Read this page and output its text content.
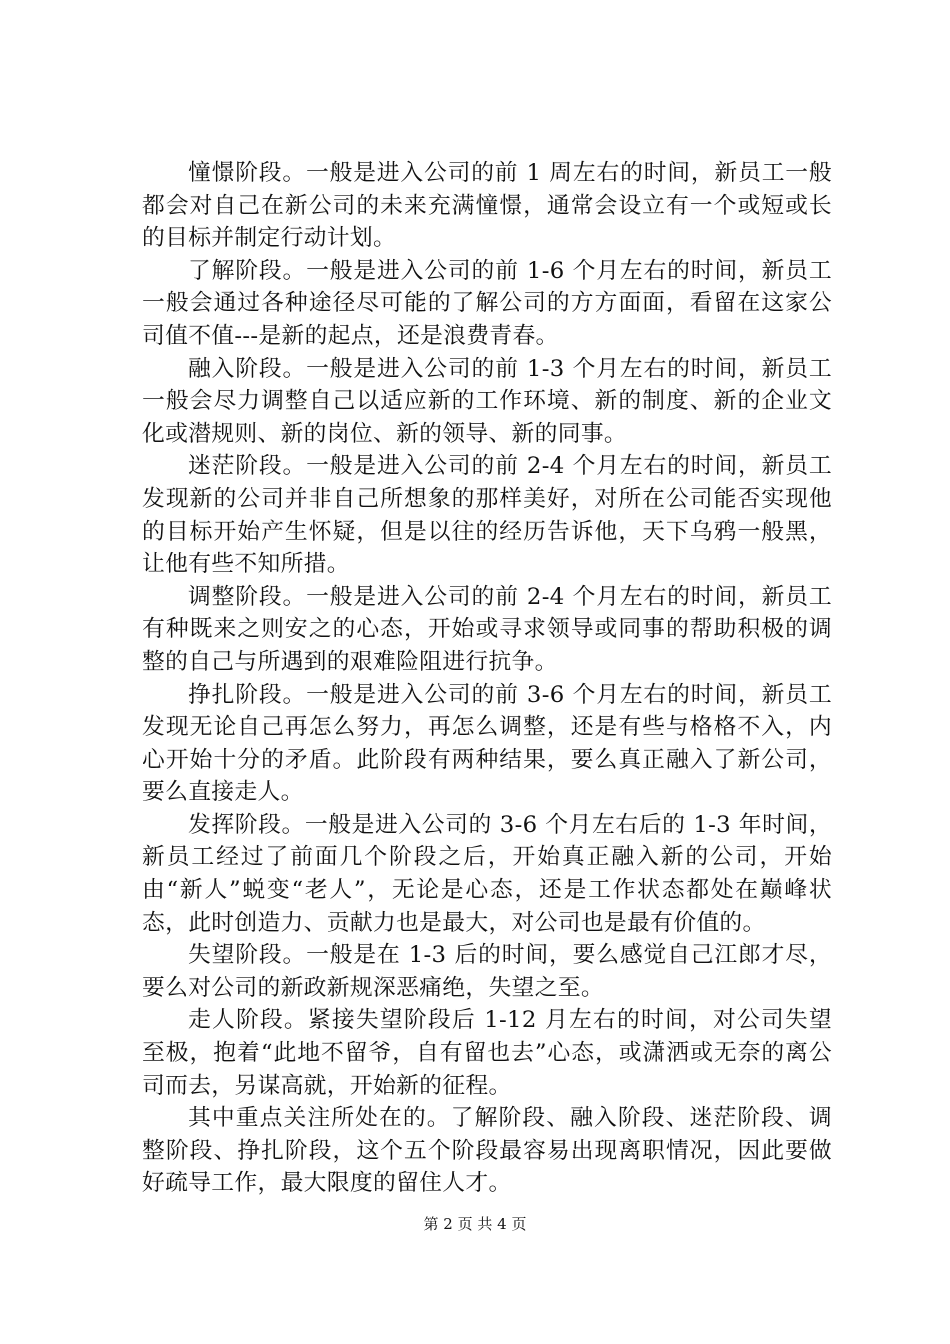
憧憬阶段。一般是进入公司的前 1 周左右的时间，新员工一般都会对自己在新公司的未来充满憧憬，通常会设立有一个或短或长的目标并制定行动计划。

了解阶段。一般是进入公司的前 1-6 个月左右的时间，新员工一般会通过各种途径尽可能的了解公司的方方面面，看留在这家公司值不值---是新的起点，还是浪费青春。

融入阶段。一般是进入公司的前 1-3 个月左右的时间，新员工一般会尽力调整自己以适应新的工作环境、新的制度、新的企业文化或潜规则、新的岗位、新的领导、新的同事。

迷茫阶段。一般是进入公司的前 2-4 个月左右的时间，新员工发现新的公司并非自己所想象的那样美好，对所在公司能否实现他的目标开始产生怀疑，但是以往的经历告诉他，天下乌鸦一般黑，让他有些不知所措。

调整阶段。一般是进入公司的前 2-4 个月左右的时间，新员工有种既来之则安之的心态，开始或寻求领导或同事的帮助积极的调整的自己与所遇到的艰难险阻进行抗争。

挣扎阶段。一般是进入公司的前 3-6 个月左右的时间，新员工发现无论自己再怎么努力，再怎么调整，还是有些与格格不入，内心开始十分的矛盾。此阶段有两种结果，要么真正融入了新公司，要么直接走人。

发挥阶段。一般是进入公司的 3-6 个月左右后的 1-3 年时间，新员工经过了前面几个阶段之后，开始真正融入新的公司，开始由“新人”蜕变“老人”，无论是心态，还是工作状态都处在巅峰状态，此时创造力、贡献力也是最大，对公司也是最有价值的。

失望阶段。一般是在 1-3 后的时间，要么感觉自己江郎才尽，要么对公司的新政新规深恶痛绝，失望之至。

走人阶段。紧接失望阶段后 1-12 月左右的时间，对公司失望至极，抱着“此地不留爷，自有留也去”心态，或潇洒或无奈的离公司而去，另谋高就，开始新的征程。

其中重点关注所处在的。了解阶段、融入阶段、迷茫阶段、调整阶段、挣扎阶段，这个五个阶段最容易出现离职情况，因此要做好疏导工作，最大限度的留住人才。

第 2 页 共 4 页
